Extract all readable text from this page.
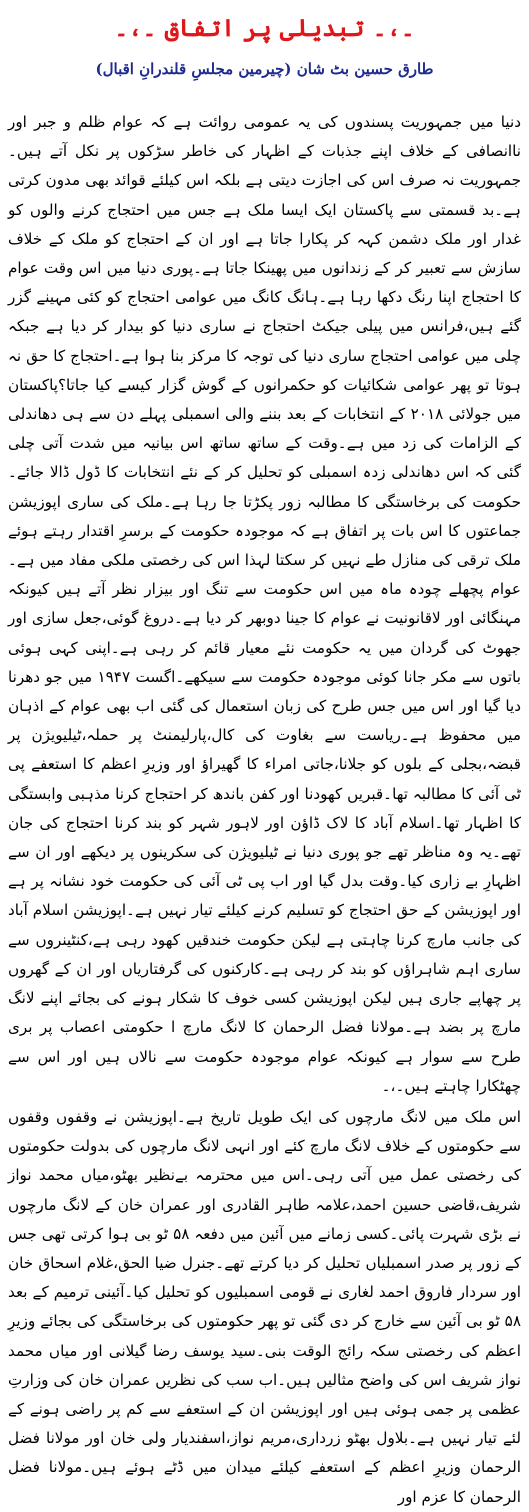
۔،۔ تبدیلی پر اتفاق ۔،۔
طارق حسین بٹ شان (چیرمین مجلسِ قلندرانِ اقبال)

دنیا میں جمہوریت پسندوں کی یہ عمومی روائت ہے کہ عوام ظلم و جبر اور ناانصافی کے خلاف اپنے جذبات کے اظہار کی خاطر سڑکوں پر نکل آتے ہیں۔جمہوریت نہ صرف اس کی اجازت دیتی ہے بلکہ اس کیلئے قوائد بھی مدون کرتی ہے۔بد قسمتی سے پاکستان ایک ایسا ملک ہے جس میں احتجاج کرنے والوں کو غدار اور ملک دشمن کہہ کر پکارا جاتا ہے اور ان کے احتجاج کو ملک کے خلاف سازش سے تعبیر کر کے زندانوں میں پھینکا جاتا ہے۔پوری دنیا میں اس وقت عوام کا احتجاج اپنا رنگ دکھا رہا ہے۔ہانگ کانگ میں عوامی احتجاج کو کئی مہینے گزر گئے ہیں،فرانس میں پیلی جیکٹ احتجاج نے ساری دنیا کو بیدار کر دیا ہے جبکہ چلی میں عوامی احتجاج ساری دنیا کی توجہ کا مرکز بنا ہوا ہے۔احتجاج کا حق نہ ہوتا تو پھر عوامی شکائیات کو حکمرانوں کے گوش گزار کیسے کیا جاتا؟پاکستان میں جولائی ۲۰۱۸ کے انتخابات کے بعد بننے والی اسمبلی پہلے دن سے ہی دھاندلی کے الزامات کی زد میں ہے۔وقت کے ساتھ ساتھ اس بیانیہ میں شدت آتی چلی گئی کہ اس دھاندلی زدہ اسمبلی کو تحلیل کر کے نئے انتخابات کا ڈول ڈالا جائے۔حکومت کی برخاستگی کا مطالبہ زور پکڑتا جا رہا ہے۔ملک کی ساری اپوزیشن جماعتوں کا اس بات پر اتفاق ہے کہ موجودہ حکومت کے برسرِ اقتدار رہتے ہوئے ملک ترقی کی منازل طے نہیں کر سکتا لہذا اس کی رخصتی ملکی مفاد میں ہے۔عوام پچھلے چودہ ماہ میں اس حکومت سے تنگ اور بیزار نظر آتے ہیں کیونکہ مہنگائی اور لاقانونیت نے عوام کا جینا دوبھر کر دیا ہے۔دروغ گوئی،جعل سازی اور جھوٹ کی گردان میں یہ حکومت نئے معیار قائم کر رہی ہے۔اپنی کہی ہوئی باتوں سے مکر جانا کوئی موجودہ حکومت سے سیکھے۔اگست ۱۹۴۷ میں جو دھرنا دیا گیا اور اس میں جس طرح کی زبان استعمال کی گئی اب بھی عوام کے اذہان میں محفوظ ہے۔ریاست سے بغاوت کی کال،پارلیمنٹ پر حملہ،ٹیلیویژن پر قبضہ،بجلی کے بلوں کو جلانا،جاتی امراء کا گھیراؤ اور وزیرِ اعظم کا استعفے پی ٹی آئی کا مطالبہ تھا۔قبریں کھودنا اور کفن باندھ کر احتجاج کرنا مذہبی وابستگی کا اظہار تھا۔اسلام آباد کا لاک ڈاؤن اور لاہور شہر کو بند کرنا احتجاج کی جان تھے۔یہ وہ مناظر تھے جو پوری دنیا نے ٹیلیویژن کی سکرینوں پر دیکھے اور ان سے اظہارِ بے زاری کیا۔وقت بدل گیا اور اب پی ٹی آئی کی حکومت خود نشانہ پر ہے اور اپوزیشن کے حق احتجاج کو تسلیم کرنے کیلئے تیار نہیں ہے۔اپوزیشن اسلام آباد کی جانب مارچ کرنا چاہتی ہے لیکن حکومت خندقیں کھود رہی ہے،کنٹینروں سے ساری اہم شاہراؤں کو بند کر رہی ہے۔کارکنوں کی گرفتاریاں اور ان کے گھروں پر چھاپے جاری ہیں لیکن اپوزیشن کسی خوف کا شکار ہونے کی بجائے اپنے لانگ مارچ پر بضد ہے۔مولانا فضل الرحمان کا لانگ مارچ ا حکومتی اعصاب پر بری طرح سے سوار ہے کیونکہ عوام موجودہ حکومت سے نالاں ہیں اور اس سے چھٹکارا چاہتے ہیں۔،۔

اس ملک میں لانگ مارچوں کی ایک طویل تاریخ ہے۔اپوزیشن نے وقفوں وقفوں سے حکومتوں کے خلاف لانگ مارچ کئے اور انہی لانگ مارچوں کی بدولت حکومتوں کی رخصتی عمل میں آتی رہی۔اس میں محترمہ بےنظیر بھٹو،میاں محمد نواز شریف،قاضی حسین احمد،علامہ طاہر القادری اور عمران خان کے لانگ مارچوں نے بڑی شہرت پائی۔کسی زمانے میں آئین میں دفعہ ۵۸ ٹو بی ہوا کرتی تھی جس کے زور پر صدر اسمبلیاں تحلیل کر دیا کرتے تھے۔جنرل ضیا الحق،غلام اسحاق خان اور سردار فاروق احمد لغاری نے قومی اسمبلیوں کو تحلیل کیا۔آئینی ترمیم کے بعد ۵۸ ٹو بی آئین سے خارج کر دی گئی تو پھر حکومتوں کی برخاستگی کی بجائے وزیرِ اعظم کی رخصتی سکہ رائج الوقت بنی۔سید یوسف رضا گیلانی اور میاں محمد نواز شریف اس کی واضح مثالیں ہیں۔اب سب کی نظریں عمران خان کی وزارتِ عظمی پر جمی ہوئی ہیں اور اپوزیشن ان کے استعفے سے کم پر راضی ہونے کے لئے تیار نہیں ہے۔بلاول بھٹو زرداری،مریم نواز،اسفندیار ولی خان اور مولانا فضل الرحمان وزیرِ اعظم کے استعفے کیلئے میدان میں ڈٹے ہوئے ہیں۔مولانا فضل الرحمان کا عزم اور
